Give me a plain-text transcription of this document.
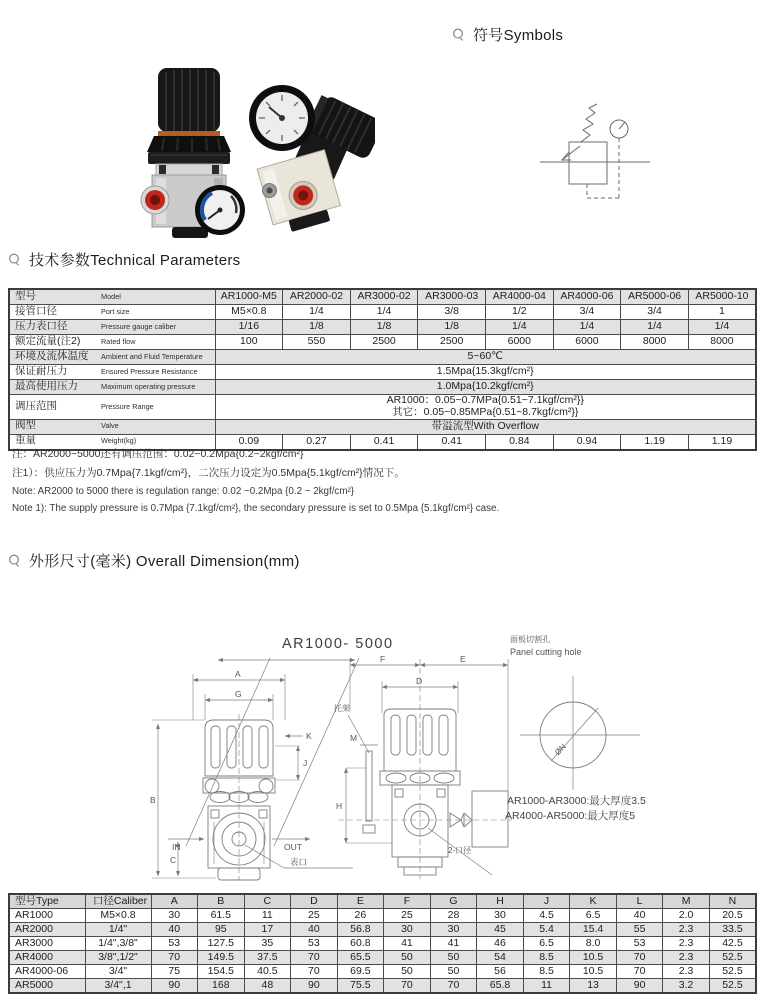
符号Symbols
技术参数Technical Parameters
型号 Model	AR1000-M5	AR2000-02	AR3000-02	AR3000-03	AR4000-04	AR4000-06	AR5000-06	AR5000-10
接管口径 Port size	M5×0.8	1/4	1/4	3/8	1/2	3/4	3/4	1
压力表口径 Pressure gauge caliber	1/16	1/8	1/8	1/8	1/4	1/4	1/4	1/4
额定流量(注2) Rated flow	100	550	2500	2500	6000	6000	8000	8000
环境及流体温度 Ambient and Fluid Temperature	5~60℃							

保证耐压力 Ensured Pressure Resistance	1.5Mpa{15.3kgf/cm²}							

最高使用压力 Maximum operating pressure	1.0Mpa{10.2kgf/cm²}							

调压范围 Pressure Range	AR1000：0.05~0.7MPa{0.51~7.1kgf/cm²}}
其它：0.05~0.85MPa{0.51~8.7kgf/cm²}}							

阀型 Valve	带溢流型With Overflow							

重量 Weight(kg)	0.09	0.27	0.41	0.41	0.84	0.94	1.19	1.19
注：AR2000~5000还有调压范围：0.02~0.2Mpa{0.2~2kgf/cm²}
注1）：供应压力为0.7Mpa{7.1kgf/cm²}，二次压力设定为0.5Mpa{5.1kgf/cm²}情况下。
Note: AR2000 to 5000 there is regulation range: 0.02 ~0.2Mpa {0.2 ~ 2kgf/cm²}
Note 1): The supply pressure is 0.7Mpa {7.1kgf/cm²}, the secondary pressure is set to 0.5Mpa {5.1kgf/cm²} case.
外形尺寸(毫米) Overall Dimension(mm)
AR1000- 5000
A
G
K
J
B
C
IN	OUT
表口
F	E
D
M
H
托架
2-口径
面板切割孔
Panel cutting hole
ØN
AR1000-AR3000:最大厚度3.5
AR4000-AR5000:最大厚度5
型号Type	口径Caliber	A	B	C	D	E	F	G	H	J	K	L	M	N
AR1000	M5×0.8	30	61.5	11	25	26	25	28	30	4.5	6.5	40	2.0	20.5
AR2000	1/4"	40	95	17	40	56.8	30	30	45	5.4	15.4	55	2.3	33.5
AR3000	1/4",3/8"	53	127.5	35	53	60.8	41	41	46	6.5	8.0	53	2.3	42.5
AR4000	3/8",1/2"	70	149.5	37.5	70	65.5	50	50	54	8.5	10.5	70	2.3	52.5
AR4000-06	3/4"	75	154.5	40.5	70	69.5	50	50	56	8.5	10.5	70	2.3	52.5
AR5000	3/4",1	90	168	48	90	75.5	70	70	65.8	11	13	90	3.2	52.5
